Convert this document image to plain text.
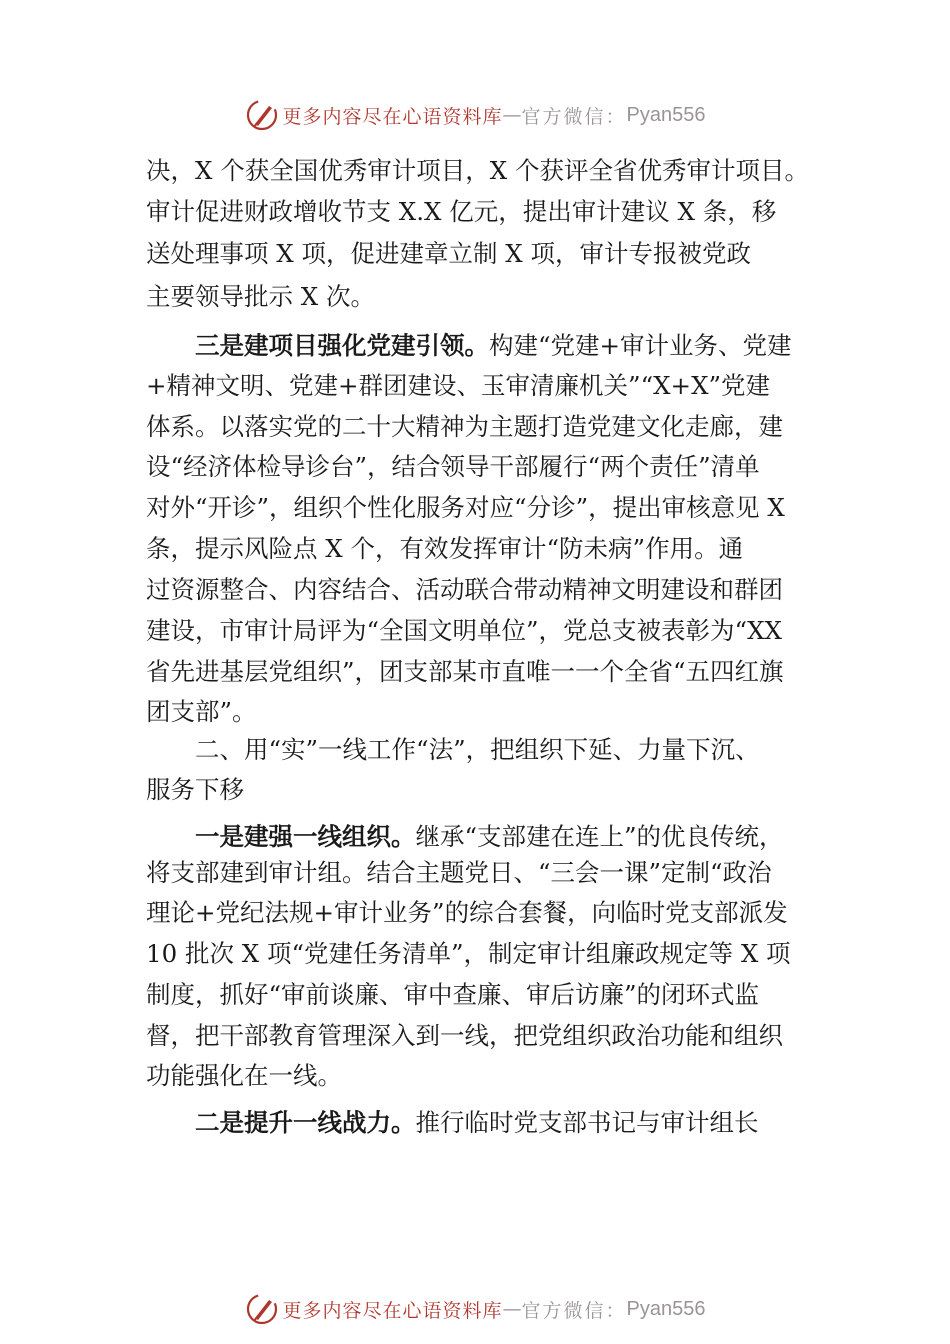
更多内容尽在心语资料库 — 官方微信： Pyan556
决，X 个获全国优秀审计项目，X 个获评全省优秀审计项目。
审计促进财政增收节支 X.X 亿元，提出审计建议 X 条，移
送处理事项 X 项，促进建章立制 X 项，审计专报被党政
主要领导批示 X 次。
三是建项目强化党建引领。构建“党建+审计业务、党建
+精神文明、党建+群团建设、玉审清廉机关”“X+X”党建
体系。以落实党的二十大精神为主题打造党建文化走廊，建
设“经济体检导诊台”，结合领导干部履行“两个责任”清单
对外“开诊”，组织个性化服务对应“分诊”，提出审核意见 X
条，提示风险点 X 个，有效发挥审计“防未病”作用。通
过资源整合、内容结合、活动联合带动精神文明建设和群团
建设，市审计局评为“全国文明单位”，党总支被表彰为“XX
省先进基层党组织”，团支部某市直唯一一个全省“五四红旗
团支部”。
二、用“实”一线工作“法”，把组织下延、力量下沉、
服务下移
一是建强一线组织。继承“支部建在连上”的优良传统，
将支部建到审计组。结合主题党日、“三会一课”定制“政治
理论+党纪法规+审计业务”的综合套餐，向临时党支部派发
10 批次 X 项“党建任务清单”，制定审计组廉政规定等 X 项
制度，抓好“审前谈廉、审中查廉、审后访廉”的闭环式监
督，把干部教育管理深入到一线，把党组织政治功能和组织
功能强化在一线。
二是提升一线战力。推行临时党支部书记与审计组长
更多内容尽在心语资料库 — 官方微信： Pyan556
